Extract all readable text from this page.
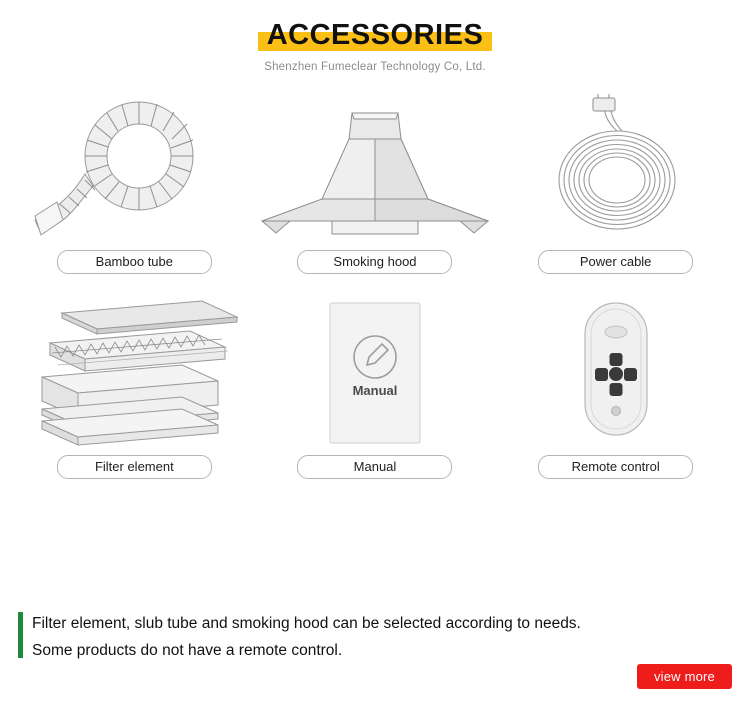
ACCESSORIES
Shenzhen Fumeclear Technology Co, Ltd.
Bamboo tube	Smoking hood	Power cable
Filter element
Manual
Manual	Remote control
Filter element, slub tube and smoking hood can be selected according to needs.
Some products do not have a remote control.
view more
